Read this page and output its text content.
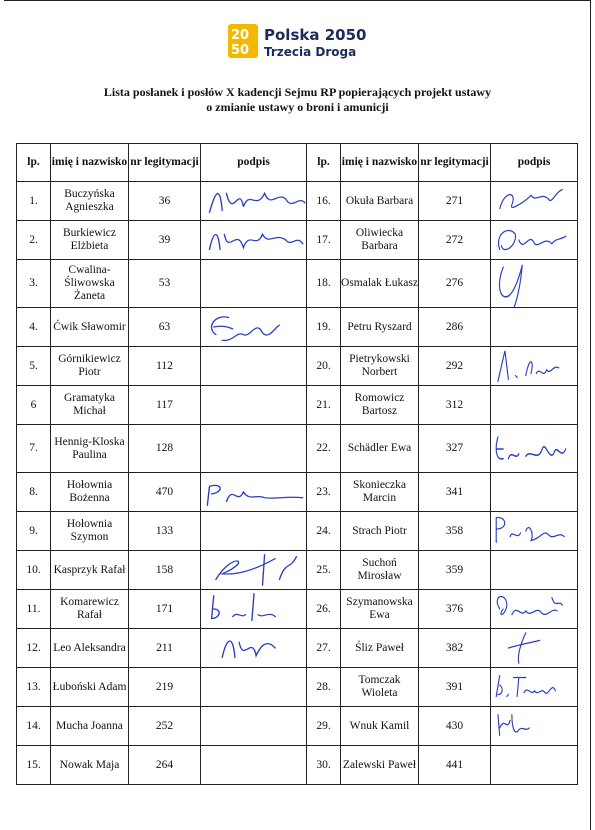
20
50
Polska 2050
Trzecia Droga
Lista posłanek i posłów X kadencji Sejmu RP popierających projekt ustawy
o zmianie ustawy o broni i amunicji
lp.	imię i nazwisko	nr legitymacji	podpis	lp.	imię i nazwisko	nr legitymacji	podpis
1.	Buczyńska Agnieszka	36		16.	Okuła Barbara	271	

2.	Burkiewicz Elżbieta	39		17.	Oliwiecka Barbara	272	

3.	Cwalina-Śliwowska Żaneta	53		18.	Osmalak Łukasz	276	

4.	Ćwik Sławomir	63		19.	Petru Ryszard	286	
5.	Górnikiewicz Piotr	112		20.	Pietrykowski Norbert	292	

6	Gramatyka Michał	117		21.	Romowicz Bartosz	312	
7.	Hennig-Kloska Paulina	128		22.	Schädler Ewa	327	

8.	Hołownia Bożenna	470		23.	Skonieczka Marcin	341	
9.	Hołownia Szymon	133		24.	Strach Piotr	358	

10.	Kasprzyk Rafał	158		25.	Suchoń Mirosław	359	
11.	Komarewicz Rafał	171		26.	Szymanowska Ewa	376	

12.	Leo Aleksandra	211		27.	Śliz Paweł	382	

13.	Łuboński Adam	219		28.	Tomczak Wioleta	391	

14.	Mucha Joanna	252		29.	Wnuk Kamil	430	

15.	Nowak Maja	264		30.	Zalewski Paweł	441	
